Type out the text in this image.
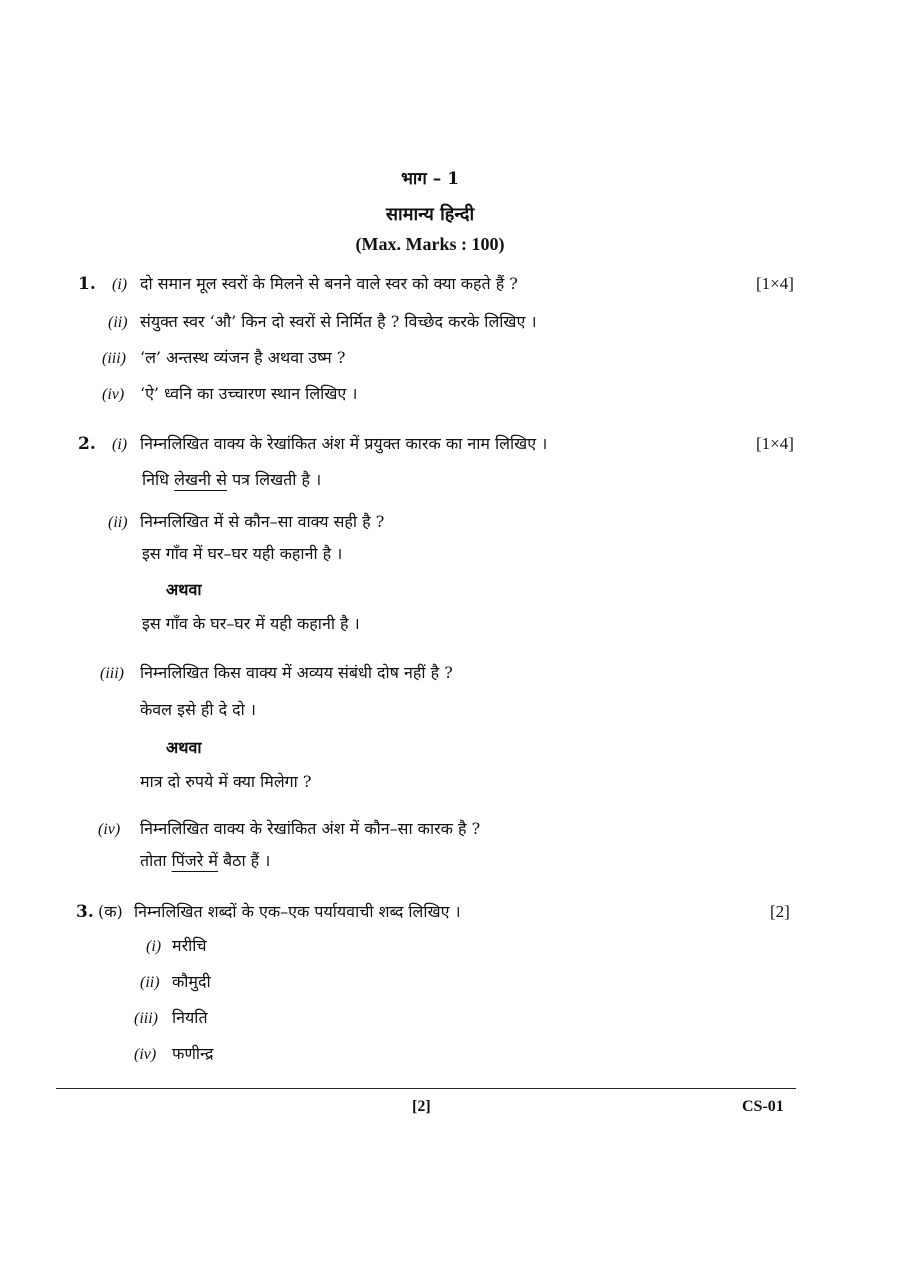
भाग – 1
सामान्य हिन्दी
(Max. Marks : 100)
1.	[1×4]
(i) दो समान मूल स्वरों के मिलने से बनने वाले स्वर को क्या कहते हैं ?
(ii) संयुक्त स्वर ‘औ’ किन दो स्वरों से निर्मित है ? विच्छेद करके लिखिए ।
(iii) ‘ल’ अन्तस्थ व्यंजन है अथवा उष्म ?
(iv) ‘ऐ’ ध्वनि का उच्चारण स्थान लिखिए ।
2.	[1×4]
(i) निम्नलिखित वाक्य के रेखांकित अंश में प्रयुक्त कारक का नाम लिखिए ।
निधि लेखनी से पत्र लिखती है ।
(ii) निम्नलिखित में से कौन–सा वाक्य सही है ?
इस गाँव में घर–घर यही कहानी है ।
अथवा
इस गाँव के घर–घर में यही कहानी है ।
(iii) निम्नलिखित किस वाक्य में अव्यय संबंधी दोष नहीं है ?
केवल इसे ही दे दो ।
अथवा
मात्र दो रुपये में क्या मिलेगा ?
(iv) निम्नलिखित वाक्य के रेखांकित अंश में कौन–सा कारक है ?
तोता पिंजरे में बैठा हैं ।
3. (क) निम्नलिखित शब्दों के एक–एक पर्यायवाची शब्द लिखिए ।	[2]
(i) मरीचि
(ii) कौमुदी
(iii) नियति
(iv) फणीन्द्र
[2]	CS-01
